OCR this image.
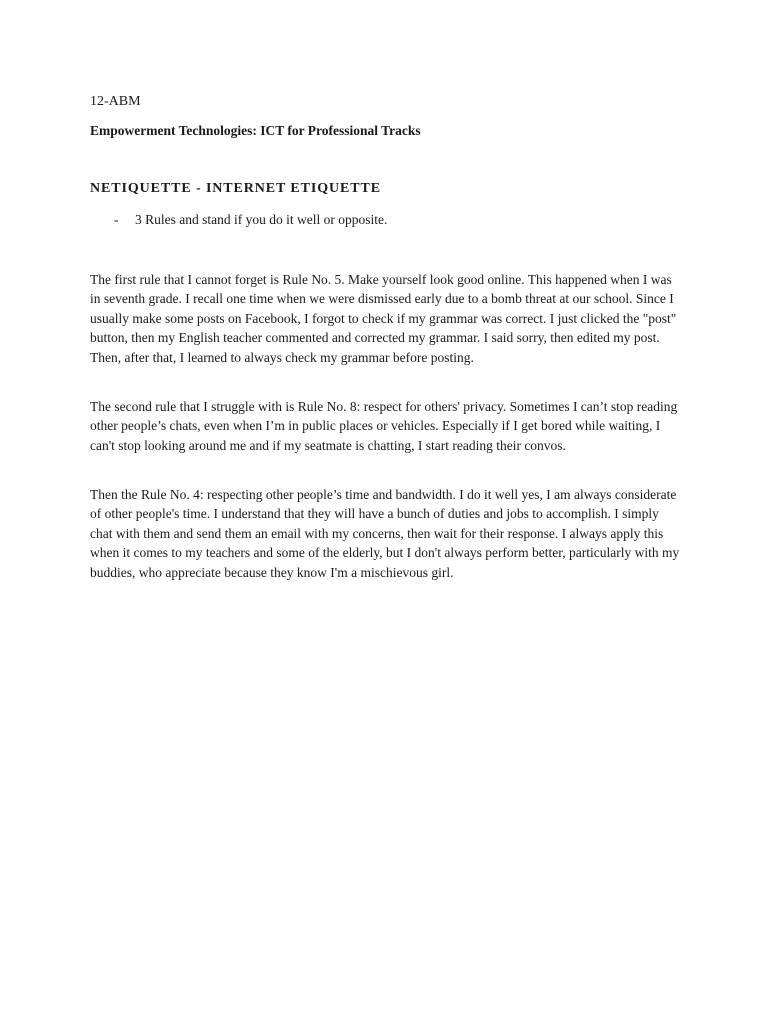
12-ABM
Empowerment Technologies: ICT for Professional Tracks
NETIQUETTE - INTERNET ETIQUETTE
- 3 Rules and stand if you do it well or opposite.

The first rule that I cannot forget is Rule No. 5. Make yourself look good online. This happened when I was in seventh grade. I recall one time when we were dismissed early due to a bomb threat at our school. Since I usually make some posts on Facebook, I forgot to check if my grammar was correct. I just clicked the "post" button, then my English teacher commented and corrected my grammar. I said sorry, then edited my post. Then, after that, I learned to always check my grammar before posting.

The second rule that I struggle with is Rule No. 8: respect for others' privacy. Sometimes I can’t stop reading other people’s chats, even when I’m in public places or vehicles. Especially if I get bored while waiting, I can't stop looking around me and if my seatmate is chatting, I start reading their convos.

Then the Rule No. 4: respecting other people’s time and bandwidth. I do it well yes, I am always considerate of other people's time. I understand that they will have a bunch of duties and jobs to accomplish. I simply chat with them and send them an email with my concerns, then wait for their response. I always apply this when it comes to my teachers and some of the elderly, but I don't always perform better, particularly with my buddies, who appreciate because they know I'm a mischievous girl.
